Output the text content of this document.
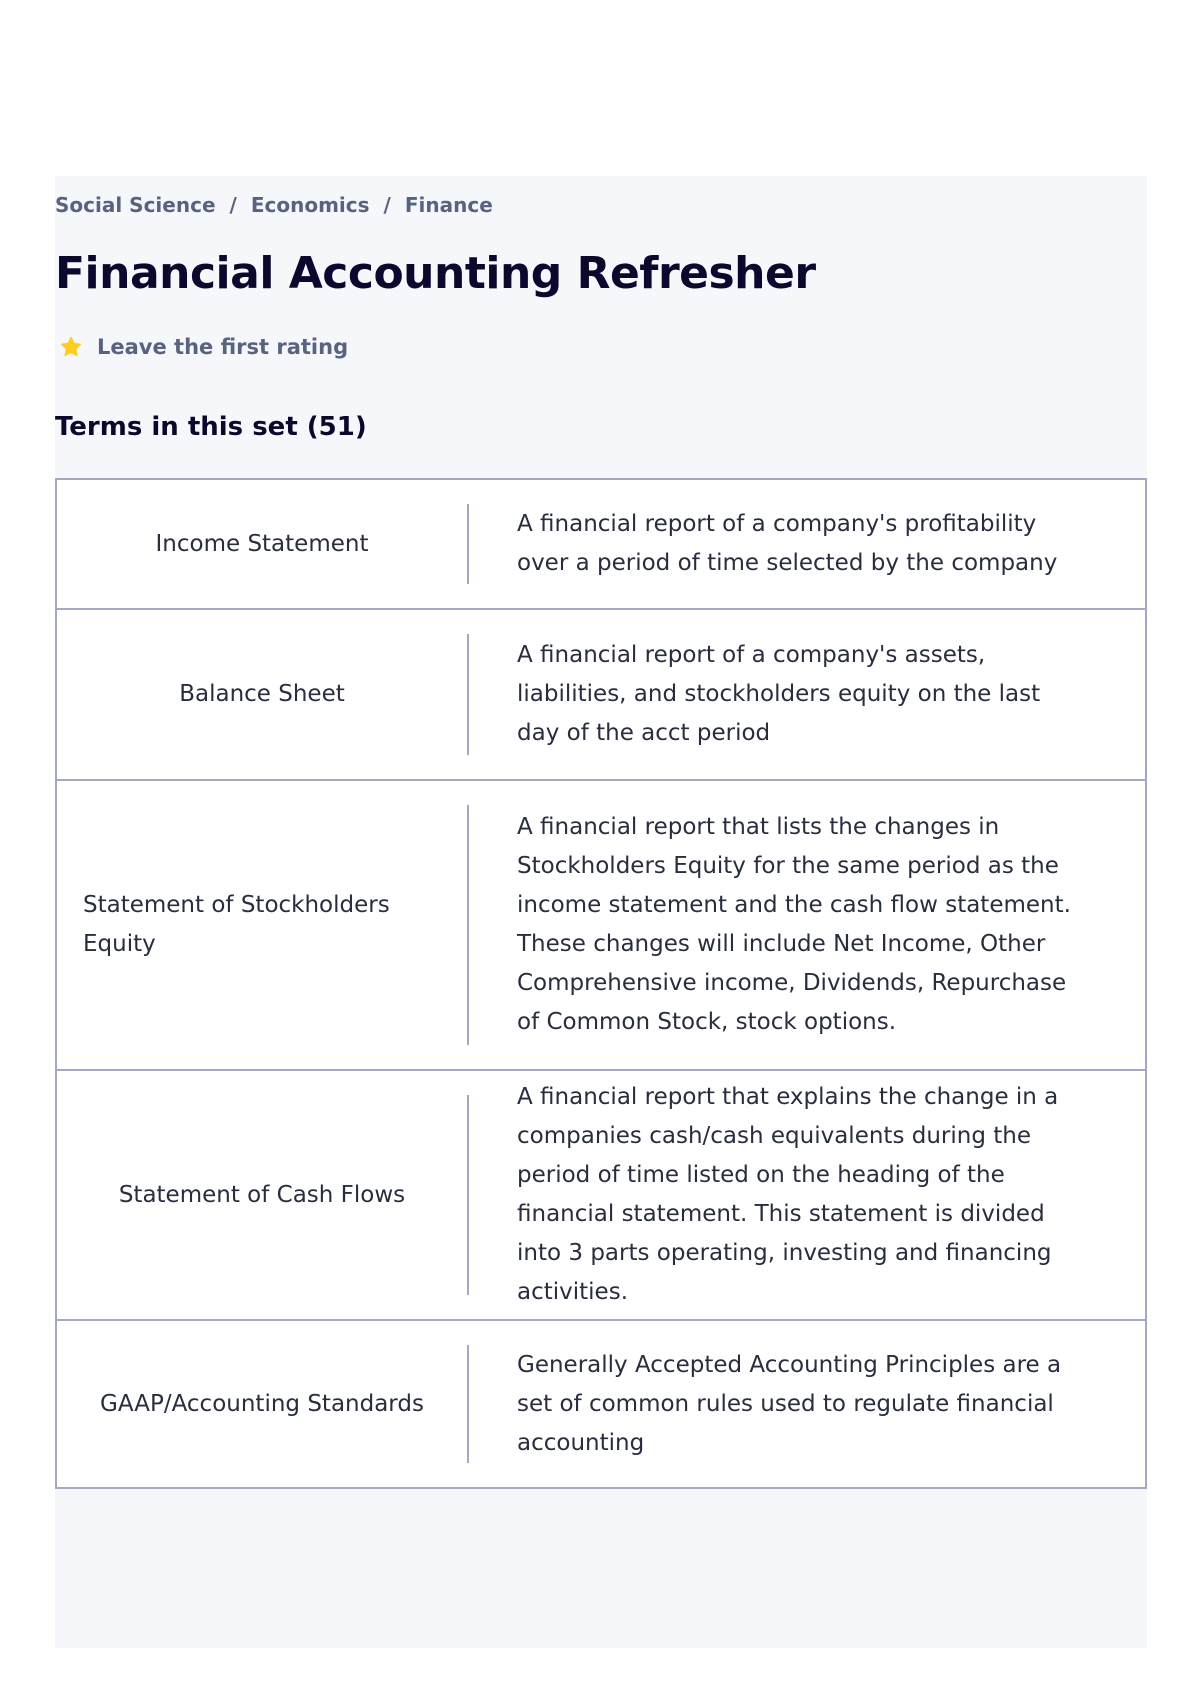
Social Science / Economics / Finance
Financial Accounting Refresher
Leave the first rating
Terms in this set (51)
Income Statement
A financial report of a company's profitability over a period of time selected by the company
Balance Sheet
A financial report of a company's assets, liabilities, and stockholders equity on the last day of the acct period
Statement of Stockholders Equity
A financial report that lists the changes in Stockholders Equity for the same period as the income statement and the cash flow statement. These changes will include Net Income, Other Comprehensive income, Dividends, Repurchase of Common Stock, stock options.
Statement of Cash Flows
A financial report that explains the change in a companies cash/cash equivalents during the period of time listed on the heading of the financial statement. This statement is divided into 3 parts operating, investing and financing activities.
GAAP/Accounting Standards
Generally Accepted Accounting Principles are a set of common rules used to regulate financial accounting
